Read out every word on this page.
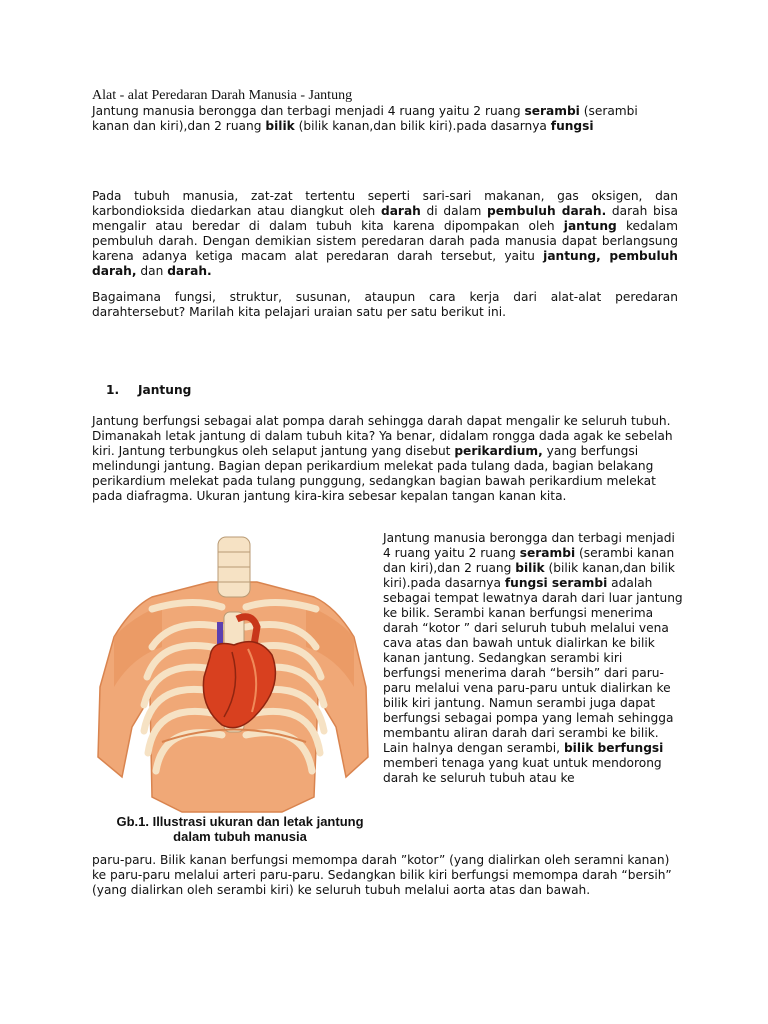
Alat - alat Peredaran Darah Manusia - Jantung

Jantung manusia berongga dan terbagi menjadi 4 ruang yaitu 2 ruang serambi (serambi kanan dan kiri),dan 2 ruang bilik (bilik kanan,dan bilik kiri).pada dasarnya fungsi

Pada tubuh manusia, zat-zat tertentu seperti sari-sari makanan, gas oksigen, dan karbondioksida diedarkan atau diangkut oleh darah di dalam pembuluh darah. darah bisa mengalir atau beredar di dalam tubuh kita karena dipompakan oleh jantung kedalam pembuluh darah. Dengan demikian sistem peredaran darah pada manusia dapat berlangsung karena adanya ketiga macam alat peredaran darah tersebut, yaitu jantung, pembuluh darah, dan darah.

Bagaimana fungsi, struktur, susunan, ataupun cara kerja dari alat-alat peredaran darahtersebut? Marilah kita pelajari uraian satu per satu berikut ini.

1. Jantung

Jantung berfungsi sebagai alat pompa darah sehingga darah dapat mengalir ke seluruh tubuh. Dimanakah letak jantung di dalam tubuh kita? Ya benar, didalam rongga dada agak ke sebelah kiri. Jantung terbungkus oleh selaput jantung yang disebut perikardium, yang berfungsi melindungi jantung. Bagian depan perikardium melekat pada tulang dada, bagian belakang perikardium melekat pada tulang punggung, sedangkan bagian bawah perikardium melekat pada diafragma. Ukuran jantung kira-kira sebesar kepalan tangan kanan kita.

Gb.1. Illustrasi ukuran dan letak jantung
dalam tubuh manusia

Jantung manusia berongga dan terbagi menjadi 4 ruang yaitu 2 ruang serambi (serambi kanan dan kiri),dan 2 ruang bilik (bilik kanan,dan bilik kiri).pada dasarnya fungsi serambi adalah sebagai tempat lewatnya darah dari luar jantung ke bilik. Serambi kanan berfungsi menerima darah “kotor ” dari seluruh tubuh melalui vena cava atas dan bawah untuk dialirkan ke bilik kanan jantung. Sedangkan serambi kiri berfungsi menerima darah “bersih” dari paru-paru melalui vena paru-paru untuk dialirkan ke bilik kiri jantung. Namun serambi juga dapat berfungsi sebagai pompa yang lemah sehingga membantu aliran darah dari serambi ke bilik. Lain halnya dengan serambi, bilik berfungsi memberi tenaga yang kuat untuk mendorong darah ke seluruh tubuh atau ke

paru-paru. Bilik kanan berfungsi memompa darah ”kotor” (yang dialirkan oleh seramni kanan) ke paru-paru melalui arteri paru-paru. Sedangkan bilik kiri berfungsi memompa darah “bersih” (yang dialirkan oleh serambi kiri) ke seluruh tubuh melalui aorta atas dan bawah.
